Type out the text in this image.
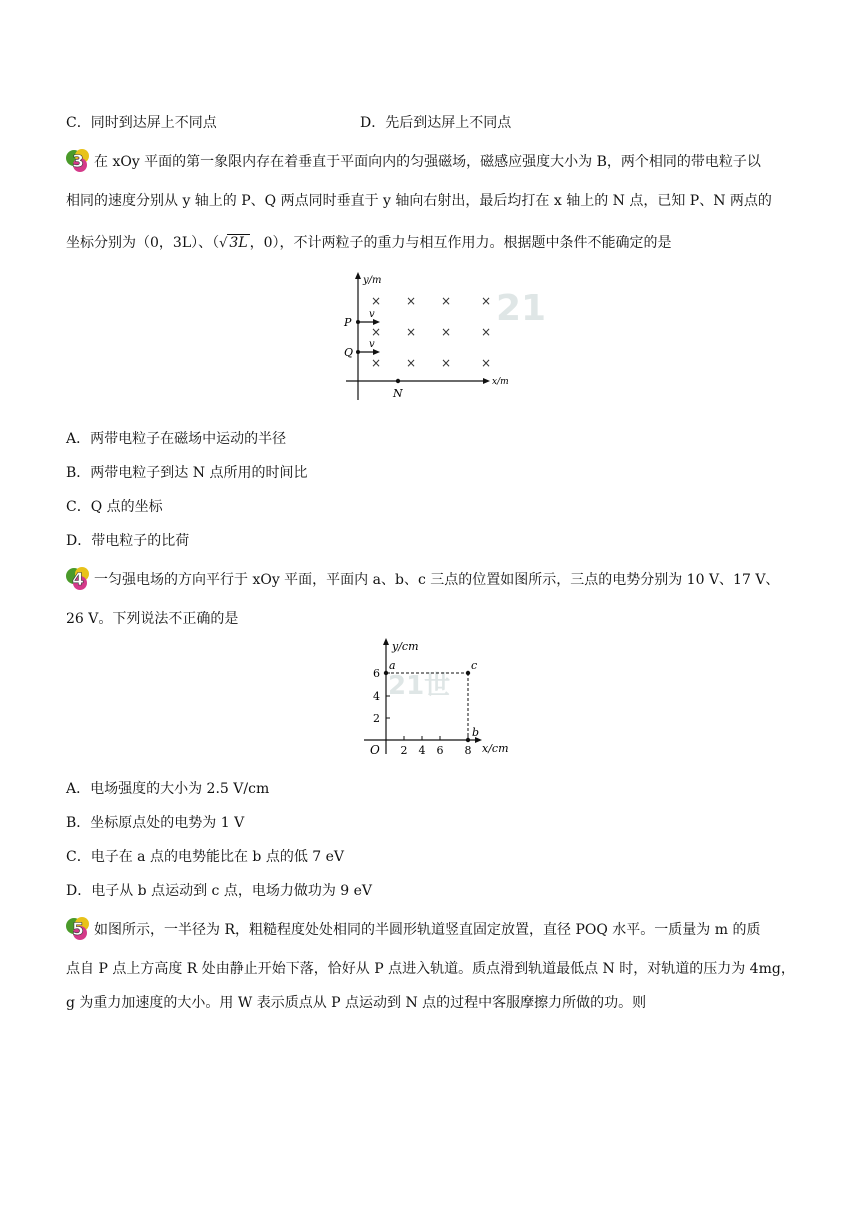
C．同时到达屏上不同点	D．先后到达屏上不同点
3 在 xOy 平面的第一象限内存在着垂直于平面向内的匀强磁场，磁感应强度大小为 B，两个相同的带电粒子以
相同的速度分别从 y 轴上的 P、Q 两点同时垂直于 y 轴向右射出，最后均打在 x 轴上的 N 点，已知 P、N 两点的
坐标分别为（0，3L）、（√ 3L ，0），不计两粒子的重力与相互作用力。根据题中条件不能确定的是
21
y/m
x/m
× × × ×
× × × ×
× × × ×
P
v
Q
v
N
A．两带电粒子在磁场中运动的半径
B．两带电粒子到达 N 点所用的时间比
C．Q 点的坐标
D．带电粒子的比荷
4 一匀强电场的方向平行于 xOy 平面，平面内 a、b、c 三点的位置如图所示，三点的电势分别为 10 V、17 V、
26 V。下列说法不正确的是
21世
y/cm
x/cm
O 2 4 6 8
2
4
6
a	c
b
A．电场强度的大小为 2.5 V/cm
B．坐标原点处的电势为 1 V
C．电子在 a 点的电势能比在 b 点的低 7 eV
D．电子从 b 点运动到 c 点，电场力做功为 9 eV
5 如图所示，一半径为 R，粗糙程度处处相同的半圆形轨道竖直固定放置，直径 POQ 水平。一质量为 m 的质
点自 P 点上方高度 R 处由静止开始下落，恰好从 P 点进入轨道。质点滑到轨道最低点 N 时，对轨道的压力为 4mg，
g 为重力加速度的大小。用 W 表示质点从 P 点运动到 N 点的过程中客服摩擦力所做的功。则
